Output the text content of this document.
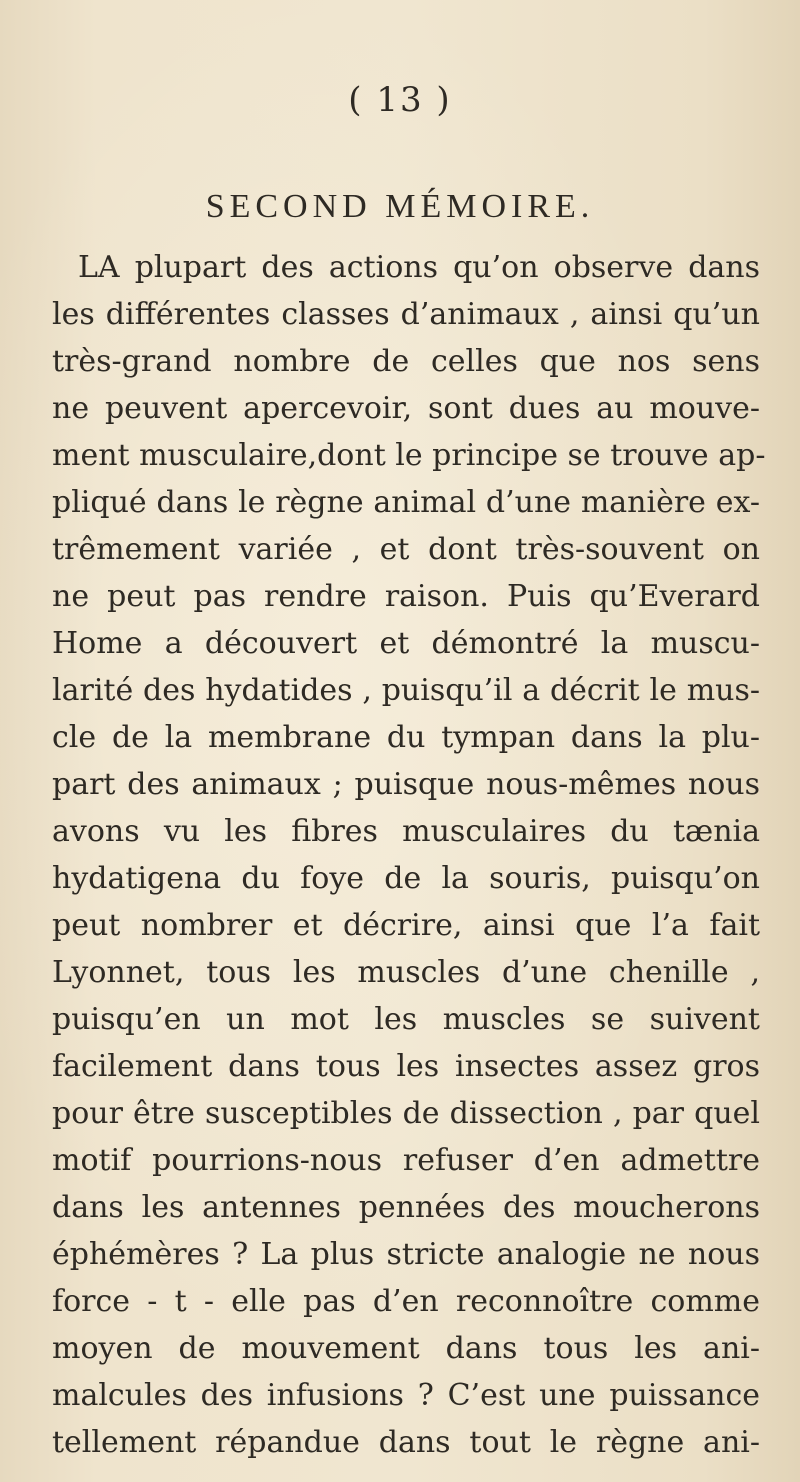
( 13 )
SECOND MÉMOIRE.
LA plupart des actions qu’on observe dans
les différentes classes d’animaux , ainsi qu’un
très-grand nombre de celles que nos sens
ne peuvent apercevoir, sont dues au mouve-
ment musculaire,dont le principe se trouve ap-
pliqué dans le règne animal d’une manière ex-
trêmement variée , et dont très-souvent on
ne peut pas rendre raison. Puis qu’Everard
Home a découvert et démontré la muscu-
larité des hydatides , puisqu’il a décrit le mus-
cle de la membrane du tympan dans la plu-
part des animaux ; puisque nous-mêmes nous
avons vu les fibres musculaires du tænia
hydatigena du foye de la souris, puisqu’on
peut nombrer et décrire, ainsi que l’a fait
Lyonnet, tous les muscles d’une chenille ,
puisqu’en un mot les muscles se suivent
facilement dans tous les insectes assez gros
pour être susceptibles de dissection , par quel
motif pourrions-nous refuser d’en admettre
dans les antennes pennées des moucherons
éphémères ? La plus stricte analogie ne nous
force - t - elle pas d’en reconnoître comme
moyen de mouvement dans tous les ani-
malcules des infusions ? C’est une puissance
tellement répandue dans tout le règne ani-
